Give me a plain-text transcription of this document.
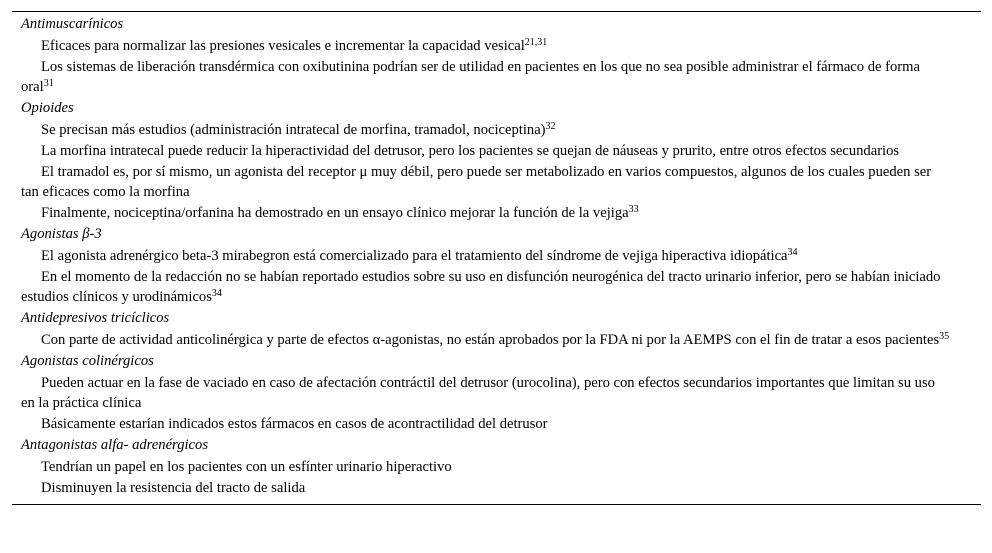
Antimuscarínicos
Eficaces para normalizar las presiones vesicales e incrementar la capacidad vesical$^{21,31}$
Los sistemas de liberación transdérmica con oxibutinina podrían ser de utilidad en pacientes en los que no sea posible administrar el fármaco de forma oral$^{31}$
Opioides
Se precisan más estudios (administración intratecal de morfina, tramadol, nociceptina)$^{32}$
La morfina intratecal puede reducir la hiperactividad del detrusor, pero los pacientes se quejan de náuseas y prurito, entre otros efectos secundarios
El tramadol es, por sí mismo, un agonista del receptor μ muy débil, pero puede ser metabolizado en varios compuestos, algunos de los cuales pueden ser tan eficaces como la morfina
Finalmente, nociceptina/orfanina ha demostrado en un ensayo clínico mejorar la función de la vejiga$^{33}$
Agonistas β-3
El agonista adrenérgico beta-3 mirabegron está comercializado para el tratamiento del síndrome de vejiga hiperactiva idiopática$^{34}$
En el momento de la redacción no se habían reportado estudios sobre su uso en disfunción neurogénica del tracto urinario inferior, pero se habían iniciado estudios clínicos y urodinámicos$^{34}$
Antidepresivos tricíclicos
Con parte de actividad anticolinérgica y parte de efectos α-agonistas, no están aprobados por la FDA ni por la AEMPS con el fin de tratar a esos pacientes$^{35}$
Agonistas colinérgicos
Pueden actuar en la fase de vaciado en caso de afectación contráctil del detrusor (urocolina), pero con efectos secundarios importantes que limitan su uso en la práctica clínica
Básicamente estarían indicados estos fármacos en casos de acontractilidad del detrusor
Antagonistas alfa- adrenérgicos
Tendrían un papel en los pacientes con un esfínter urinario hiperactivo
Disminuyen la resistencia del tracto de salida
